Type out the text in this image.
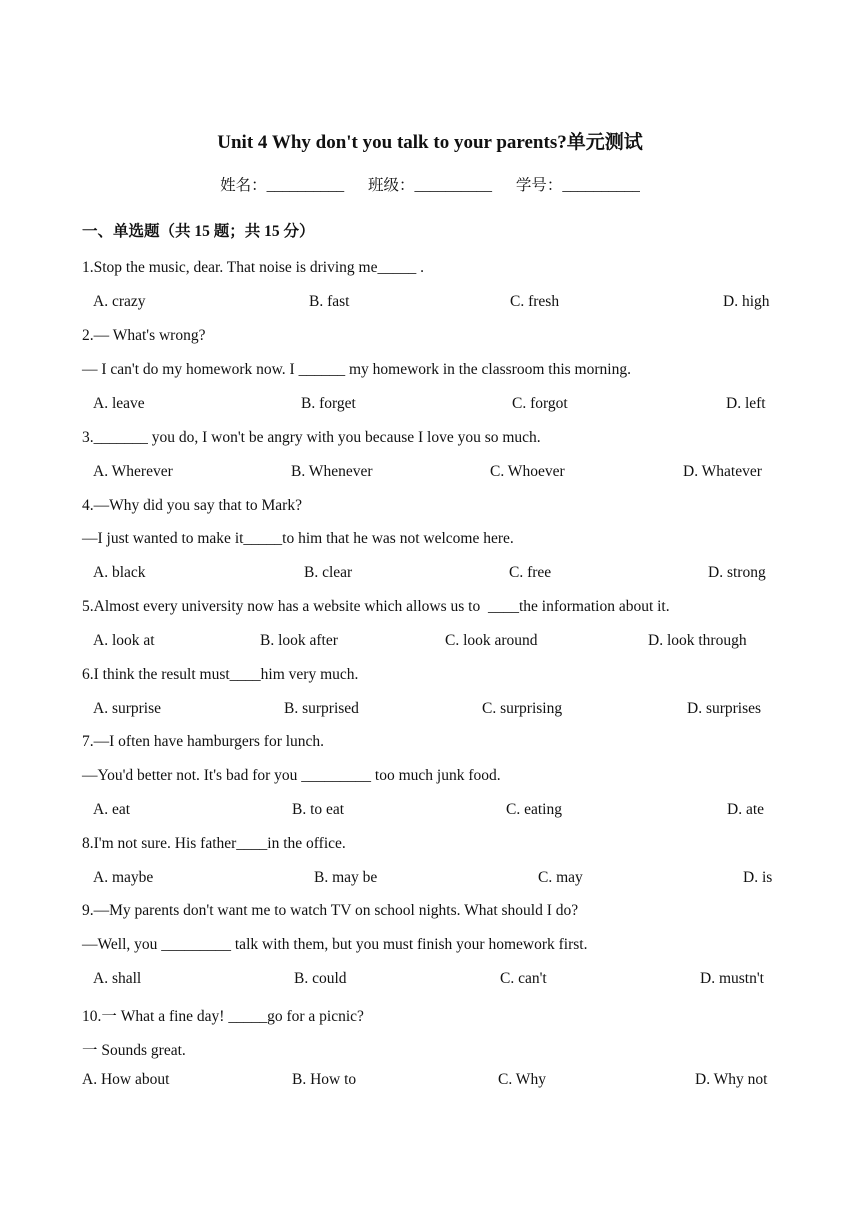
Unit 4 Why don't you talk to your parents?单元测试
姓名：__________ 班级：__________ 学号：__________
一、单选题（共 15 题；共 15 分）
1.Stop the music, dear. That noise is driving me_____ .
A. crazy	B. fast	C. fresh	D. high
2.— What's wrong?
— I can't do my homework now. I ______ my homework in the classroom this morning.
A. leave	B. forget	C. forgot	D. left
3._______ you do, I won't be angry with you because I love you so much.
A. Wherever	B. Whenever	C. Whoever	D. Whatever
4.—Why did you say that to Mark?
—I just wanted to make it_____to him that he was not welcome here.
A. black	B. clear	C. free	D. strong
5.Almost every university now has a website which allows us to  ____the information about it.
A. look at	B. look after	C. look around	D. look through
6.I think the result must____him very much.
A. surprise	B. surprised	C. surprising	D. surprises
7.—I often have hamburgers for lunch.
—You'd better not. It's bad for you _________ too much junk food.
A. eat	B. to eat	C. eating	D. ate
8.I'm not sure. His father____in the office.
A. maybe	B. may be	C. may	D. is
9.—My parents don't want me to watch TV on school nights. What should I do?
—Well, you _________ talk with them, but you must finish your homework first.
A. shall	B. could	C. can't	D. mustn't
10.一 What a fine day! _____go for a picnic?
一 Sounds great.
A. How about	B. How to	C. Why	D. Why not
